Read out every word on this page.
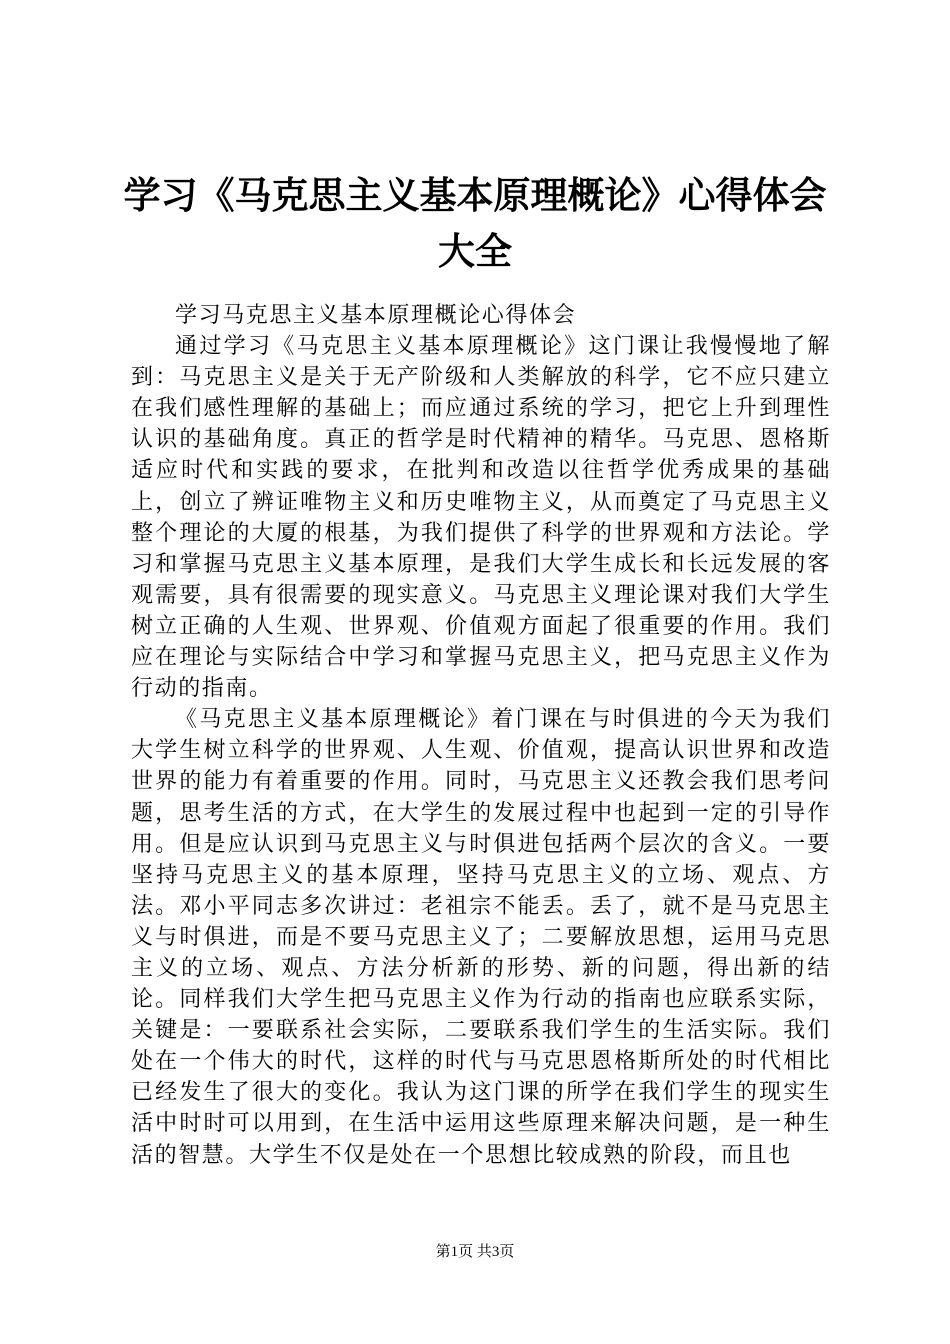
学习《马克思主义基本原理概论》心得体会大全

学习马克思主义基本原理概论心得体会

通过学习《马克思主义基本原理概论》这门课让我慢慢地了解到：马克思主义是关于无产阶级和人类解放的科学，它不应只建立在我们感性理解的基础上；而应通过系统的学习，把它上升到理性认识的基础角度。真正的哲学是时代精神的精华。马克思、恩格斯适应时代和实践的要求，在批判和改造以往哲学优秀成果的基础上，创立了辨证唯物主义和历史唯物主义，从而奠定了马克思主义整个理论的大厦的根基，为我们提供了科学的世界观和方法论。学习和掌握马克思主义基本原理，是我们大学生成长和长远发展的客观需要，具有很需要的现实意义。马克思主义理论课对我们大学生树立正确的人生观、世界观、价值观方面起了很重要的作用。我们应在理论与实际结合中学习和掌握马克思主义，把马克思主义作为行动的指南。

《马克思主义基本原理概论》着门课在与时俱进的今天为我们大学生树立科学的世界观、人生观、价值观，提高认识世界和改造世界的能力有着重要的作用。同时，马克思主义还教会我们思考问题，思考生活的方式，在大学生的发展过程中也起到一定的引导作用。但是应认识到马克思主义与时俱进包括两个层次的含义。一要坚持马克思主义的基本原理，坚持马克思主义的立场、观点、方法。邓小平同志多次讲过：老祖宗不能丢。丢了，就不是马克思主义与时俱进，而是不要马克思主义了；二要解放思想，运用马克思主义的立场、观点、方法分析新的形势、新的问题，得出新的结论。同样我们大学生把马克思主义作为行动的指南也应联系实际，关键是：一要联系社会实际，二要联系我们学生的生活实际。我们处在一个伟大的时代，这样的时代与马克思恩格斯所处的时代相比已经发生了很大的变化。我认为这门课的所学在我们学生的现实生活中时时可以用到，在生活中运用这些原理来解决问题，是一种生活的智慧。大学生不仅是处在一个思想比较成熟的阶段，而且也

第1页 共3页
